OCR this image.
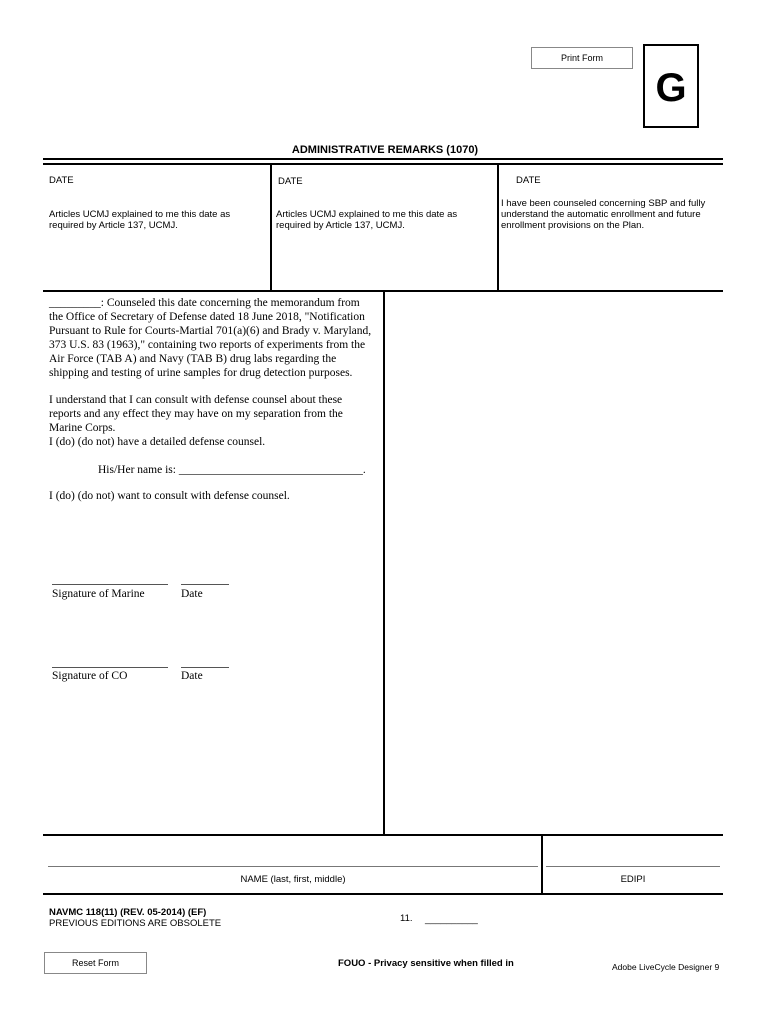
Print Form
G
ADMINISTRATIVE REMARKS (1070)
DATE
Articles UCMJ explained to me this date as required by Article 137, UCMJ.
DATE
Articles UCMJ explained to me this date as required by Article 137, UCMJ.
DATE
I have been counseled concerning SBP and fully understand the automatic enrollment and future enrollment provisions on the Plan.
_________: Counseled this date concerning the memorandum from the Office of Secretary of Defense dated 18 June 2018, "Notification Pursuant to Rule for Courts-Martial 701(a)(6) and Brady v. Maryland, 373 U.S. 83 (1963)," containing two reports of experiments from the Air Force (TAB A) and Navy (TAB B) drug labs regarding the shipping and testing of urine samples for drug detection purposes.
I understand that I can consult with defense counsel about these reports and any effect they may have on my separation from the Marine Corps.
I (do) (do not) have a detailed defense counsel.
His/Her name is: ________________________________.
I (do) (do not) want to consult with defense counsel.
Signature of Marine	Date
Signature of CO	Date
NAME (last, first, middle)	EDIPI
NAVMC 118(11) (REV. 05-2014) (EF)
PREVIOUS EDITIONS ARE OBSOLETE	11. __________
Reset Form	FOUO - Privacy sensitive when filled in	Adobe LiveCycle Designer 9
